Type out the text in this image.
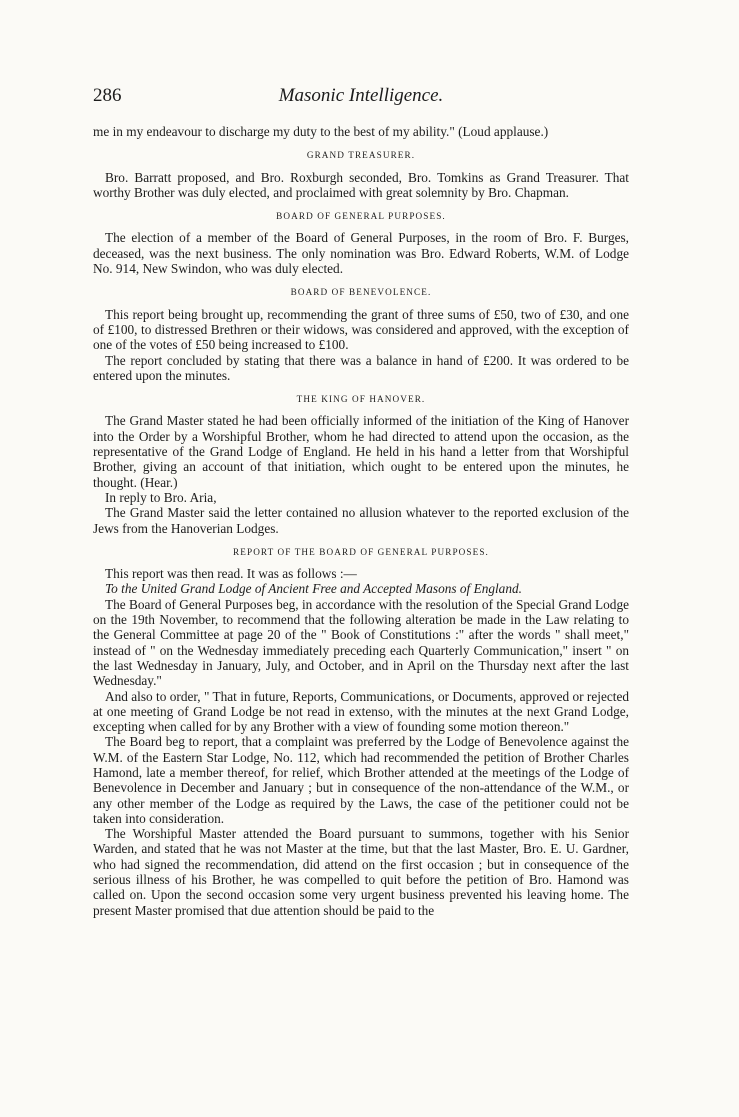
286	Masonic Intelligence.

me in my endeavour to discharge my duty to the best of my ability." (Loud applause.)

GRAND TREASURER.

Bro. Barratt proposed, and Bro. Roxburgh seconded, Bro. Tomkins as Grand Treasurer. That worthy Brother was duly elected, and proclaimed with great solemnity by Bro. Chapman.

BOARD OF GENERAL PURPOSES.

The election of a member of the Board of General Purposes, in the room of Bro. F. Burges, deceased, was the next business. The only nomination was Bro. Edward Roberts, W.M. of Lodge No. 914, New Swindon, who was duly elected.

BOARD OF BENEVOLENCE.

This report being brought up, recommending the grant of three sums of £50, two of £30, and one of £100, to distressed Brethren or their widows, was considered and approved, with the exception of one of the votes of £50 being increased to £100.

The report concluded by stating that there was a balance in hand of £200. It was ordered to be entered upon the minutes.

THE KING OF HANOVER.

The Grand Master stated he had been officially informed of the initiation of the King of Hanover into the Order by a Worshipful Brother, whom he had directed to attend upon the occasion, as the representative of the Grand Lodge of England. He held in his hand a letter from that Worshipful Brother, giving an account of that initiation, which ought to be entered upon the minutes, he thought. (Hear.)

In reply to Bro. Aria,

The Grand Master said the letter contained no allusion whatever to the reported exclusion of the Jews from the Hanoverian Lodges.

REPORT OF THE BOARD OF GENERAL PURPOSES.

This report was then read. It was as follows :—

To the United Grand Lodge of Ancient Free and Accepted Masons of England.

The Board of General Purposes beg, in accordance with the resolution of the Special Grand Lodge on the 19th November, to recommend that the following alteration be made in the Law relating to the General Committee at page 20 of the " Book of Constitutions :" after the words " shall meet," instead of " on the Wednesday immediately preceding each Quarterly Communication," insert " on the last Wednesday in January, July, and October, and in April on the Thursday next after the last Wednesday."

And also to order, " That in future, Reports, Communications, or Documents, approved or rejected at one meeting of Grand Lodge be not read in extenso, with the minutes at the next Grand Lodge, excepting when called for by any Brother with a view of founding some motion thereon."

The Board beg to report, that a complaint was preferred by the Lodge of Benevolence against the W.M. of the Eastern Star Lodge, No. 112, which had recommended the petition of Brother Charles Hamond, late a member thereof, for relief, which Brother attended at the meetings of the Lodge of Benevolence in December and January ; but in consequence of the non-attendance of the W.M., or any other member of the Lodge as required by the Laws, the case of the petitioner could not be taken into consideration.

The Worshipful Master attended the Board pursuant to summons, together with his Senior Warden, and stated that he was not Master at the time, but that the last Master, Bro. E. U. Gardner, who had signed the recommendation, did attend on the first occasion ; but in consequence of the serious illness of his Brother, he was compelled to quit before the petition of Bro. Hamond was called on. Upon the second occasion some very urgent business prevented his leaving home. The present Master promised that due attention should be paid to the
